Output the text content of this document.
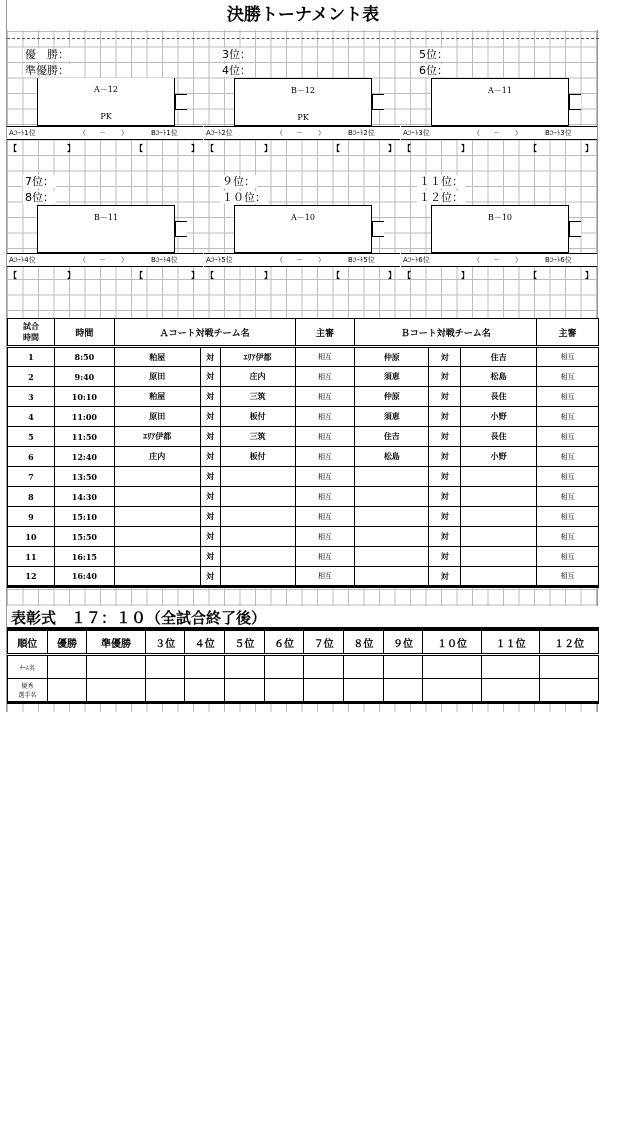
決勝トーナメント表
優　勝：
準優勝：
A－12
PK
3位：
4位：
B－12
PK
5位：
6位：
A－11
7位：
8位：
B－11
９位：
１０位：
A－10
１１位：
１２位：
B－10
Aｺｰﾄ1位	（ － ）	Bｺｰﾄ1位
【	】	【	】
Aｺｰﾄ2位	（ － ）	Bｺｰﾄ2位
【	】	【	】
Aｺｰﾄ3位	（ － ）	Bｺｰﾄ3位
【	】	【	】
Aｺｰﾄ4位	（ － ）	Bｺｰﾄ4位
【	】	【	】
Aｺｰﾄ5位	（ － ）	Bｺｰﾄ5位
【	】	【	】
Aｺｰﾄ6位	（ － ）	Bｺｰﾄ6位
【	】	【	】
試合
時間	時間	Ａコート対戦チーム名			主審	Ｂコート対戦チーム名			主審
1	8:50	粕屋	対	ｴﾘｱ伊都	相互	仲原	対	住吉	相互
2	9:40	原田	対	庄内	相互	須恵	対	松島	相互
3	10:10	粕屋	対	三筑	相互	仲原	対	長住	相互
4	11:00	原田	対	板付	相互	須恵	対	小野	相互
5	11:50	ｴﾘｱ伊都	対	三筑	相互	住吉	対	長住	相互
6	12:40	庄内	対	板付	相互	松島	対	小野	相互
7	13:50		対		相互		対		相互
8	14:30		対		相互		対		相互
9	15:10		対		相互		対		相互
10	15:50		対		相互		対		相互
11	16:15		対		相互		対		相互
12	16:40		対		相互		対		相互
表彰式　１７：１０（全試合終了後）
順位	優勝	準優勝	３位	４位	５位	６位	７位	８位	９位	１０位	１１位	１２位
ﾁｰﾑ名												
優秀
選手名												
